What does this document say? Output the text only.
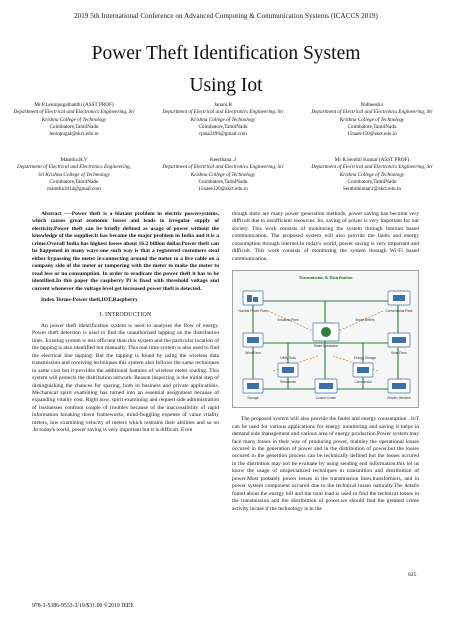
2019 5th International Conference on Advanced Computing & Communication Systems (ICACCS 2019)
Power Theft Identification System
Using Iot
Mr.P.Leninpugalhanthi (ASST PROF)
Department of Electrical and Electronics Engineering, Sri
Krishna College of Technology
Coimbatore,TamilNadu
leninpugal@skct.edu.in
Janani.R
Department of Electrical and Electronics Engineering, Sri
Krishna College of Technology
Coimbatore,TamilNadu
rjana2496@gmail.com
Nidheesh.s
Department of Electrical and Electronics Engineering, Sri
Krishna College of Technology
Coimbatore,TamilNadu
15naee150@skct.edu.in
Mamtha.R.V
Department of Electrical and Electronics Engineering,
Sri Krishna College of Technology
Coimbatore,TamilNadu
mamtha1814@gmail.com
Keerthana .J
Department of Electrical and Electronics Engineering, Sri
Krishna College of Technology
Coimbatore,TamilNadu
15naee120@skct.edu.in
Mr R.Senthil Kumar (ASST PROF)
Department of Electrical and Electronics Engineering, Sri
Krishna College of Technology
Coimbatore,TamilNadu
Senthilkumar.r@skct.edu.in

Abstract ----Power theft is a blatant problem in electric powersystems, which causes great economic losses and leads to irregular supply of electicity.Power theft can be briefly defined as usage of power without the knowledge of the supplier.It has become the major problem in India and it is a crime.Overall India has highest losses about 16.2 billion dollar.Power theft can be happened in many ways one such way is that a registered customers steal either bypassing the meter ie:connecting around the meter to a live cable on a company side of the meter or tampering with the meter to make the meter to read less or no consumption. In order to eradicate the power theft it has to be identified.In this paper the raspberry Pi is fixed with threshold voltage and current whenever the voltage level get increased power theft is detected.

Index Terms-Power theft,IOT,Raspberry

I. INTRODUCTION

An power theft identification system is used to analyses the flow of energy. Power theft detection is used to find the unauthorized tapping on the distribution lines. Existing system is less efficient than this system and the particular location of the tapping is also identified but manually. This real time system is also used to find the electrical line tapping. But the tapping is found by using the wireless data transmission and receiving techniques.this system also follows the same techniques in same cost but it provides the additional features of wireless meter reading. This system will protects the distribution network. Reason inspecting is the initial step of distinguishing the chances for sparing, both in business and private applications. Mechanical spirit examining has turned into an essential assignment because of expanding vitality cost. Right now, spirit examining and request side administration of businesses confront couple of troubles because of the inaccessibility of rapid information breaking down frameworks, mind-boggling expense of value vitality meters, low examining velocity of meters which restrains their abilities and so on .In today's world, power saving is very important but it is difficult. Even

though there are many power generation methods, power saving has become very difficult due to insufficient resources. So, saving of power is very important for our society. This work consists of monitoring the system through Internet based communication. The proposed system will also provide the faults and energy consumption through internet.In today's world, power saving is very important and difficult. This work consists of monitoring the system through Wi-Fi based communication.

Transmission & Distribution
Nuclear Power Plant	Conventional Plant
Smart Substation
Wind Farm	Solar Farm
Residential	Commercial
Storage	Electric Vehicles
Control Center
Industrial Plant	Smart Meters
Utility Data	Energy Storage

The proposed system will also provide the faults and energy consumption . IoT can be used for various applications for energy monitoring and saving it helps in demand side management and various area of energy production.Power system may face many losses in their way of producing power, mainley the operational losses occured in the generation of power and in the distribution of power.but the losses occured in the genertion process can be technically defined but the losses occured in the distrbition may not be evaluate by using sending end information.this let us know the usage of unspecialized techniques in transmition and distribution of power.Most probably power losses in the transmission lines,transformers, and in power system component occured due to the technical losses naturally.The details found about the energy bill and the total load is used to find the technical losses in the transmission and the distribution of power.we should find the greatest crime activity incase if the technology is in the

825
978-1-5386-9533-3/19/$31.00 ©2019 IEEE
